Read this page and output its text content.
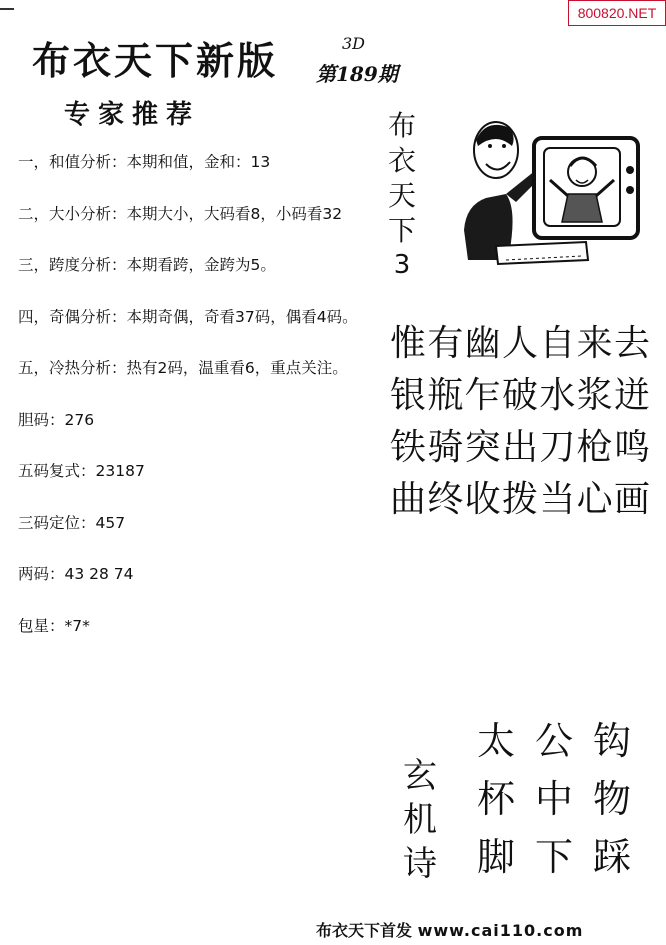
800820.NET
布衣天下新版	3D
第189期
专家推荐
一，和值分析：本期和值，金和：13
二，大小分析：本期大小，大码看8，小码看32
三，跨度分析：本期看跨，金跨为5。
四，奇偶分析：本期奇偶，奇看37码，偶看4码。
五，冷热分析：热有2码，温重看6，重点关注。
胆码：276
五码复式：23187
三码定位：457
两码：43 28 74
包星：*7*
布
衣
天
下
3
惟 有 幽 人 自 来 去
银 瓶 乍 破 水 浆 迸
铁 骑 突 出 刀 枪 鸣
曲 终 收 拨 当 心 画
玄
机
诗
太 公 钩
杯 中 物
脚 下 踩
布衣天下首发 www.cai110.com
